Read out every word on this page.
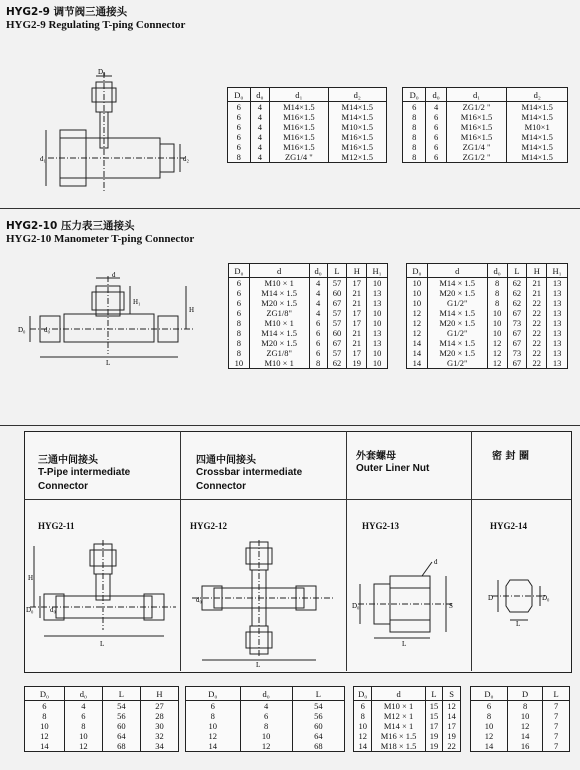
HYG2-9 调节阀三通接头
HYG2-9 Regulating T-ping Connector
D₀
d₁	d₂
D₀	d₀	d₁	d₂
6	4	M14×1.5	M14×1.5
6	4	M16×1.5	M14×1.5
6	4	M16×1.5	M10×1.5
6	4	M16×1.5	M16×1.5
6	4	M16×1.5	M16×1.5
8	4	ZG1/4 "	M12×1.5
D₀	d₀	d₁	d₂
6	4	ZG1/2 "	M14×1.5
8	6	M16×1.5	M14×1.5
8	6	M16×1.5	M10×1
8	6	M16×1.5	M14×1.5
8	6	ZG1/4 "	M14×1.5
8	6	ZG1/2 "	M14×1.5
HYG2-10 压力表三通接头
HYG2-10 Manometer T-ping Connector
d
H₁
H
D₀	d₀
L
D₀	d	d₀	L	H	H₁
6	M10 × 1	4	57	17	10
6	M14 × 1.5	4	60	21	13
6	M20 × 1.5	4	67	21	13
6	ZG1/8"	4	57	17	10
8	M10 × 1	6	57	17	10
8	M14 × 1.5	6	60	21	13
8	M20 × 1.5	6	67	21	13
8	ZG1/8"	6	57	17	10
10	M10 × 1	8	62	19	10
D₀	d	d₀	L	H	H₁
10	M14 × 1.5	8	62	21	13
10	M20 × 1.5	8	62	21	13
10	G1/2"	8	62	22	13
12	M14 × 1.5	10	67	22	13
12	M20 × 1.5	10	73	22	13
12	G1/2"	10	67	22	13
14	M14 × 1.5	12	67	22	13
14	M20 × 1.5	12	73	22	13
14	G1/2"	12	67	22	13
三通中间接头
T-Pipe intermediate
Connector
四通中间接头
Crossbar intermediate
Connector
外套螺母
Outer Liner Nut
密 封 圈
HYG2-11	HYG2-12	HYG2-13	HYG2-14
H
D₀ d₀
L
d₀
L
d
D₀	S
L
D	D₀
L
D₀	d₀	L	H
6	4	54	27
8	6	56	28
10	8	60	30
12	10	64	32
14	12	68	34
D₀	d₀	L
6	4	54
8	6	56
10	8	60
12	10	64
14	12	68
D₀	d	L	S
6	M10 × 1	15	12
8	M12 × 1	15	14
10	M14 × 1	17	17
12	M16 × 1.5	19	19
14	M18 × 1.5	19	22
D₀	D	L
6	8	7
8	10	7
10	12	7
12	14	7
14	16	7
